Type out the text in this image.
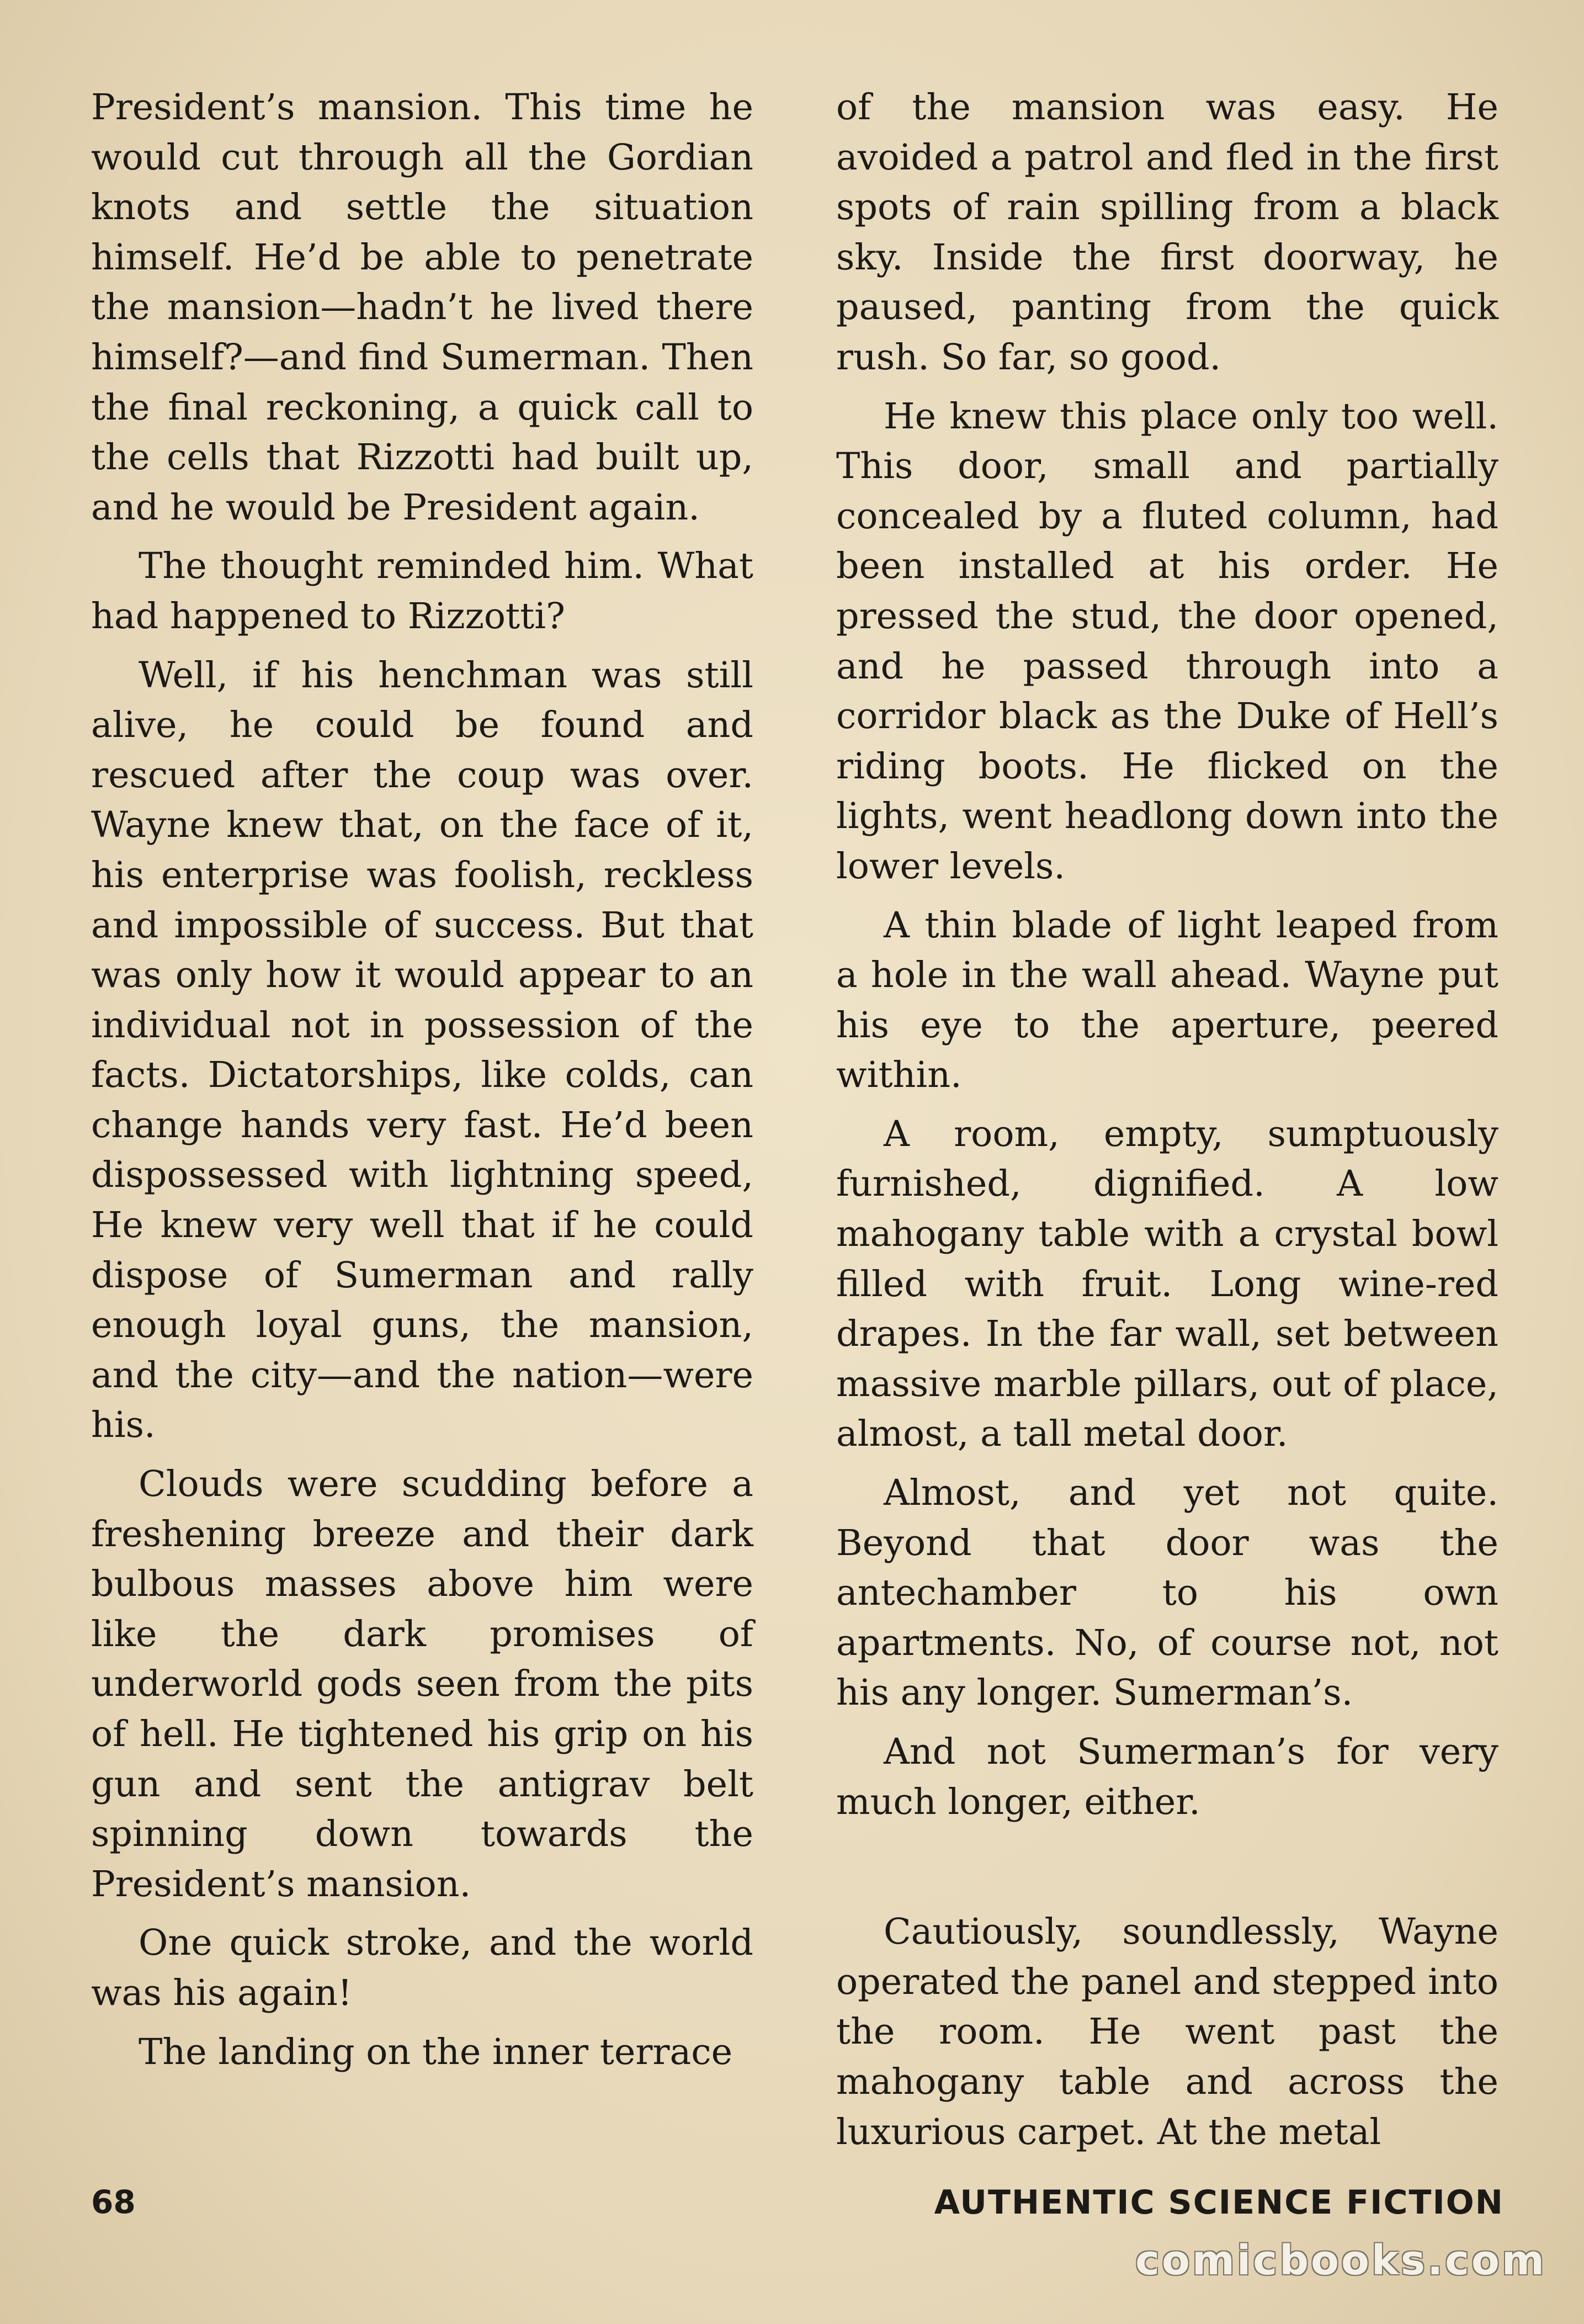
President’s mansion. This time he would cut through all the Gordian knots and settle the situation himself. He’d be able to penetrate the mansion—hadn’t he lived there himself?—and find Sumerman. Then the final reckoning, a quick call to the cells that Rizzotti had built up, and he would be President again.

The thought reminded him. What had happened to Rizzotti?

Well, if his henchman was still alive, he could be found and rescued after the coup was over. Wayne knew that, on the face of it, his enterprise was foolish, reckless and impossible of success. But that was only how it would appear to an individual not in possession of the facts. Dictatorships, like colds, can change hands very fast. He’d been dispossessed with lightning speed, He knew very well that if he could dispose of Sumerman and rally enough loyal guns, the mansion, and the city—and the nation—were his.

Clouds were scudding before a freshening breeze and their dark bulbous masses above him were like the dark promises of underworld gods seen from the pits of hell. He tightened his grip on his gun and sent the antigrav belt spinning down towards the President’s mansion.

One quick stroke, and the world was his again!

The landing on the inner terrace

of the mansion was easy. He avoided a patrol and fled in the first spots of rain spilling from a black sky. Inside the first doorway, he paused, panting from the quick rush. So far, so good.

He knew this place only too well. This door, small and partially concealed by a fluted column, had been installed at his order. He pressed the stud, the door opened, and he passed through into a corridor black as the Duke of Hell’s riding boots. He flicked on the lights, went headlong down into the lower levels.

A thin blade of light leaped from a hole in the wall ahead. Wayne put his eye to the aperture, peered within.

A room, empty, sumptuously furnished, dignified. A low mahogany table with a crystal bowl filled with fruit. Long wine-red drapes. In the far wall, set between massive marble pillars, out of place, almost, a tall metal door.

Almost, and yet not quite. Beyond that door was the antechamber to his own apartments. No, of course not, not his any longer. Sumerman’s.

And not Sumerman’s for very much longer, either.

Cautiously, soundlessly, Wayne operated the panel and stepped into the room. He went past the mahogany table and across the luxurious carpet. At the metal

68	AUTHENTIC SCIENCE FICTION
comicbooks.com
